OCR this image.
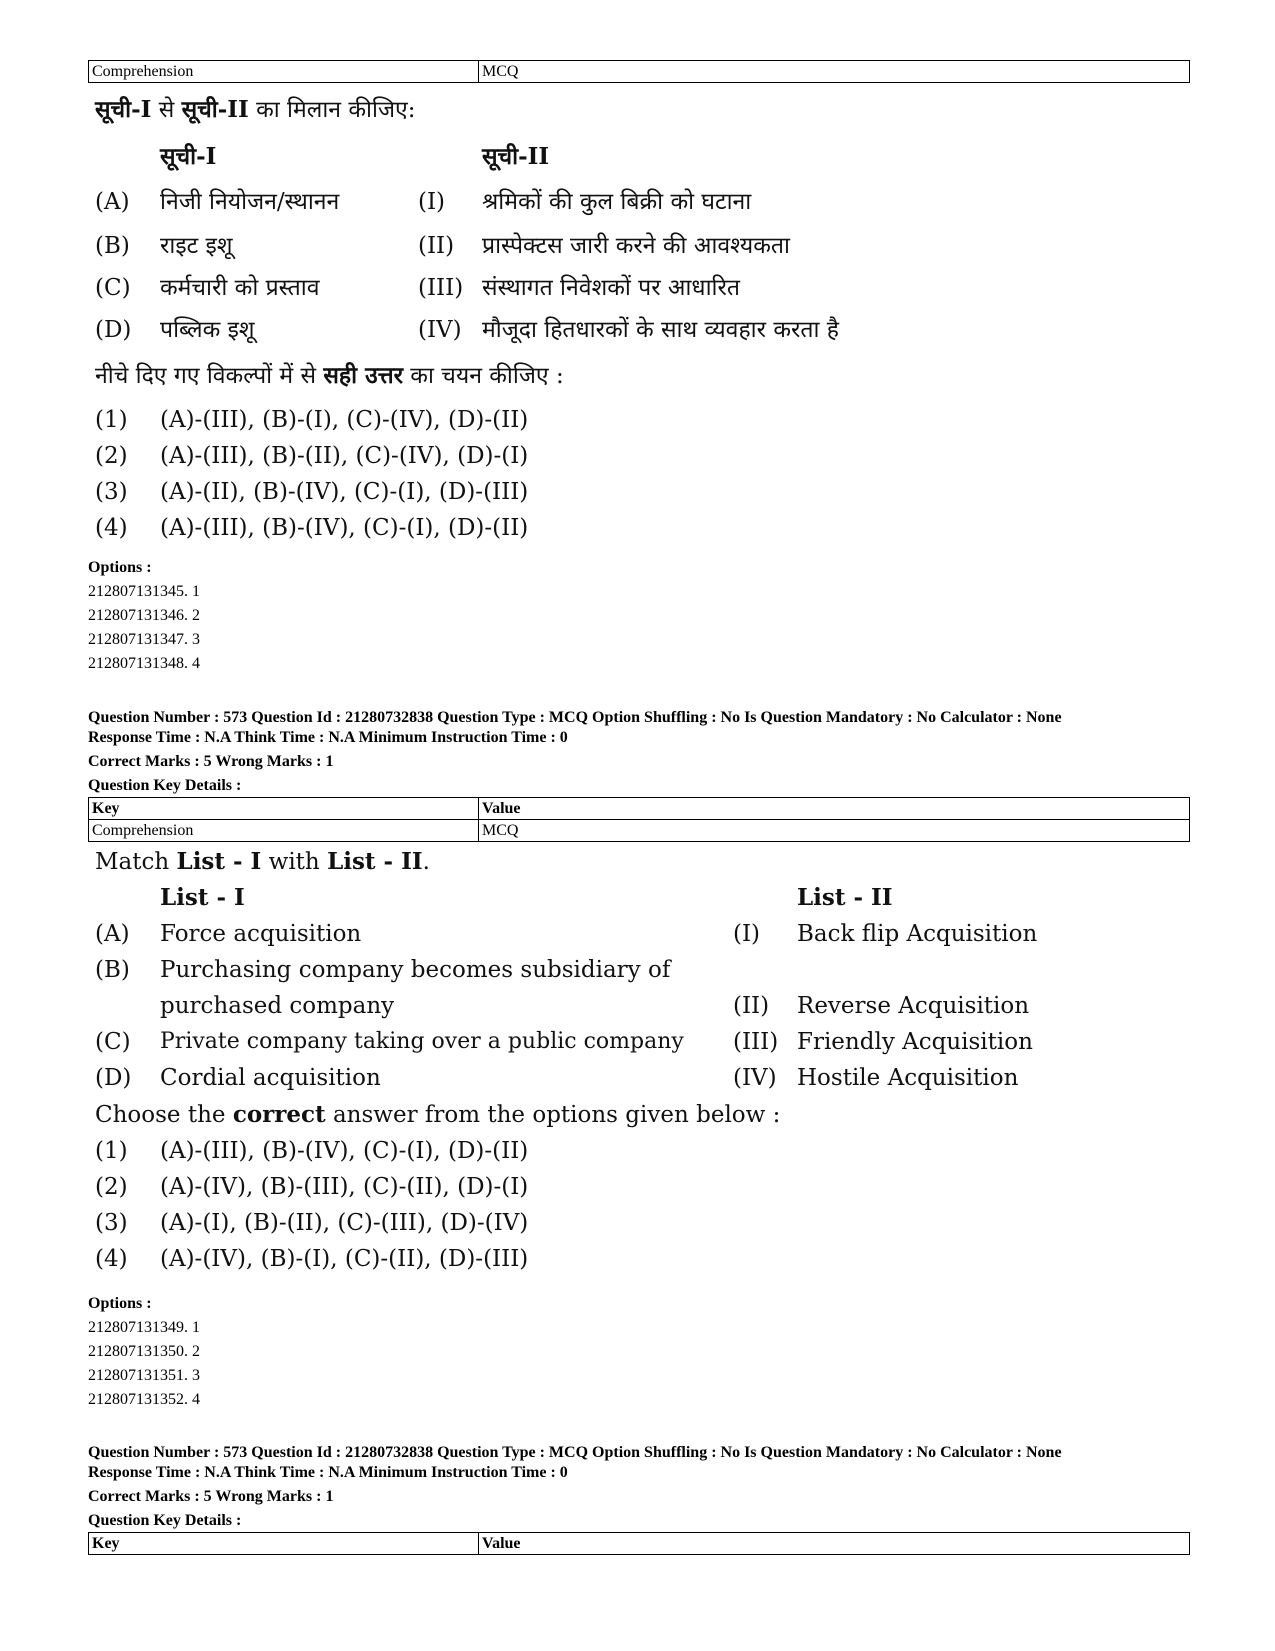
Comprehension	MCQ
सूची-I से सूची-II का मिलान कीजिए:
सूची-I	सूची-II
(A) निजी नियोजन/स्थानन	(I) श्रमिकों की कुल बिक्री को घटाना
(B) राइट इशू	(II) प्रास्पेक्टस जारी करने की आवश्यकता
(C) कर्मचारी को प्रस्ताव	(III) संस्थागत निवेशकों पर आधारित
(D) पब्लिक इशू	(IV) मौजूदा हितधारकों के साथ व्यवहार करता है
नीचे दिए गए विकल्पों में से सही उत्तर का चयन कीजिए :
(1) (A)-(III), (B)-(I), (C)-(IV), (D)-(II)
(2) (A)-(III), (B)-(II), (C)-(IV), (D)-(I)
(3) (A)-(II), (B)-(IV), (C)-(I), (D)-(III)
(4) (A)-(III), (B)-(IV), (C)-(I), (D)-(II)
Options :
212807131345. 1
212807131346. 2
212807131347. 3
212807131348. 4
Question Number : 573 Question Id : 21280732838 Question Type : MCQ Option Shuffling : No Is Question Mandatory : No Calculator : None
Response Time : N.A Think Time : N.A Minimum Instruction Time : 0
Correct Marks : 5 Wrong Marks : 1
Question Key Details :
Key	Value
Comprehension	MCQ
Match List - I with List - II.
List - I	List - II
(A) Force acquisition	(I) Back flip Acquisition
(B) Purchasing company becomes subsidiary of
purchased company	(II) Reverse Acquisition
(C) Private company taking over a public company (III) Friendly Acquisition
(D) Cordial acquisition	(IV) Hostile Acquisition
Choose the correct answer from the options given below :
(1) (A)-(III), (B)-(IV), (C)-(I), (D)-(II)
(2) (A)-(IV), (B)-(III), (C)-(II), (D)-(I)
(3) (A)-(I), (B)-(II), (C)-(III), (D)-(IV)
(4) (A)-(IV), (B)-(I), (C)-(II), (D)-(III)
Options :
212807131349. 1
212807131350. 2
212807131351. 3
212807131352. 4
Question Number : 573 Question Id : 21280732838 Question Type : MCQ Option Shuffling : No Is Question Mandatory : No Calculator : None
Response Time : N.A Think Time : N.A Minimum Instruction Time : 0
Correct Marks : 5 Wrong Marks : 1
Question Key Details :
Key	Value
